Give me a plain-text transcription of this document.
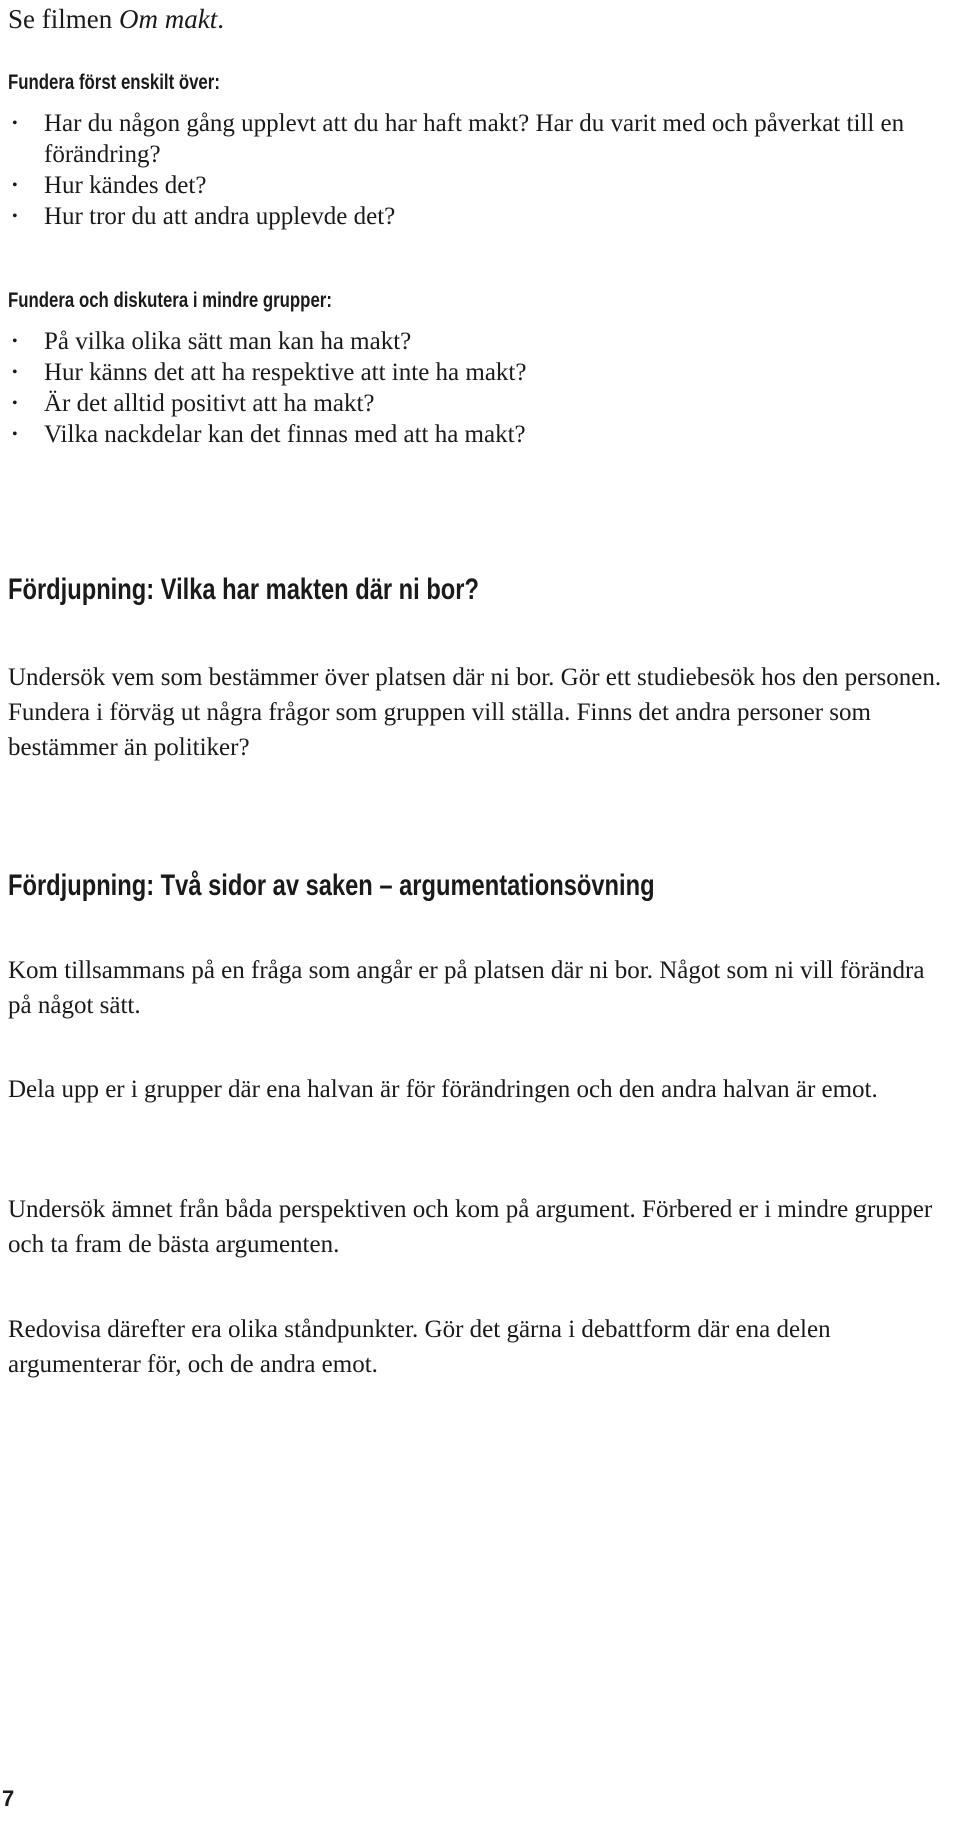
Se filmen Om makt.
Fundera först enskilt över:
• Har du någon gång upplevt att du har haft makt? Har du varit med och påverkat till en förändring?
• Hur kändes det?
• Hur tror du att andra upplevde det?
Fundera och diskutera i mindre grupper:
• På vilka olika sätt man kan ha makt?
• Hur känns det att ha respektive att inte ha makt?
• Är det alltid positivt att ha makt?
• Vilka nackdelar kan det finnas med att ha makt?
Fördjupning: Vilka har makten där ni bor?

Undersök vem som bestämmer över platsen där ni bor. Gör ett studiebesök hos den personen. Fundera i förväg ut några frågor som gruppen vill ställa. Finns det andra personer som bestämmer än politiker?

Fördjupning: Två sidor av saken – argumentationsövning

Kom tillsammans på en fråga som angår er på platsen där ni bor. Något som ni vill förändra på något sätt.

Dela upp er i grupper där ena halvan är för förändringen och den andra halvan är emot.

Undersök ämnet från båda perspektiven och kom på argument. Förbered er i mindre grupper och ta fram de bästa argumenten.

Redovisa därefter era olika ståndpunkter. Gör det gärna i debattform där ena delen argumenterar för, och de andra emot.

7
